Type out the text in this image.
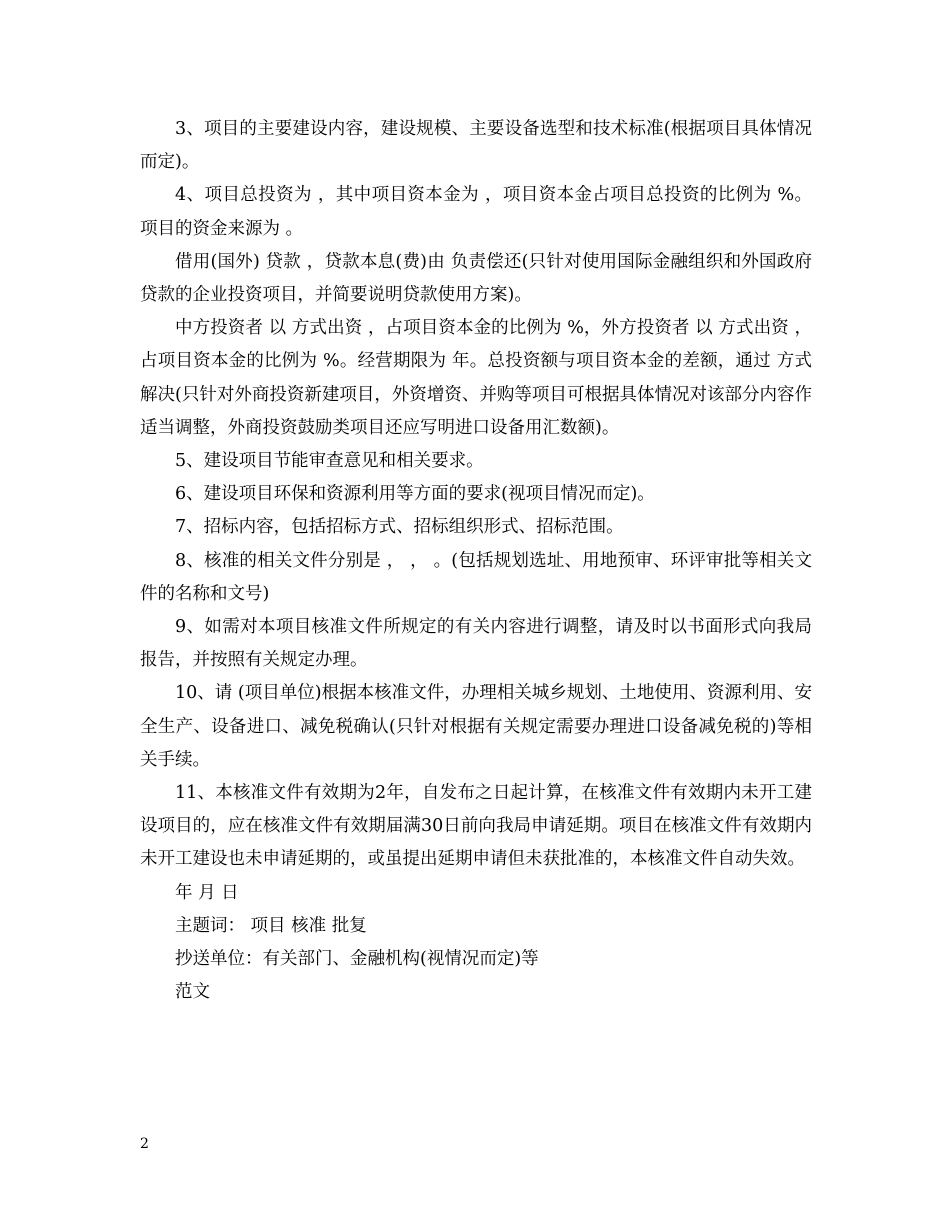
3、项目的主要建设内容，建设规模、主要设备选型和技术标准(根据项目具体情况而定)。

4、项目总投资为 ，其中项目资本金为 ，项目资本金占项目总投资的比例为 %。项目的资金来源为 。

借用(国外) 贷款 ，贷款本息(费)由 负责偿还(只针对使用国际金融组织和外国政府贷款的企业投资项目，并简要说明贷款使用方案)。

中方投资者 以 方式出资 ，占项目资本金的比例为 %，外方投资者 以 方式出资 ，占项目资本金的比例为 %。经营期限为 年。总投资额与项目资本金的差额，通过 方式解决(只针对外商投资新建项目，外资增资、并购等项目可根据具体情况对该部分内容作适当调整，外商投资鼓励类项目还应写明进口设备用汇数额)。

5、建设项目节能审查意见和相关要求。

6、建设项目环保和资源利用等方面的要求(视项目情况而定)。

7、招标内容，包括招标方式、招标组织形式、招标范围。

8、核准的相关文件分别是 ， ， 。(包括规划选址、用地预审、环评审批等相关文件的名称和文号)

9、如需对本项目核准文件所规定的有关内容进行调整，请及时以书面形式向我局报告，并按照有关规定办理。

10、请 (项目单位)根据本核准文件，办理相关城乡规划、土地使用、资源利用、安全生产、设备进口、减免税确认(只针对根据有关规定需要办理进口设备减免税的)等相关手续。

11、本核准文件有效期为2年，自发布之日起计算，在核准文件有效期内未开工建设项目的，应在核准文件有效期届满30日前向我局申请延期。项目在核准文件有效期内未开工建设也未申请延期的，或虽提出延期申请但未获批准的，本核准文件自动失效。

年 月 日

主题词： 项目 核准 批复

抄送单位：有关部门、金融机构(视情况而定)等

范文

2
